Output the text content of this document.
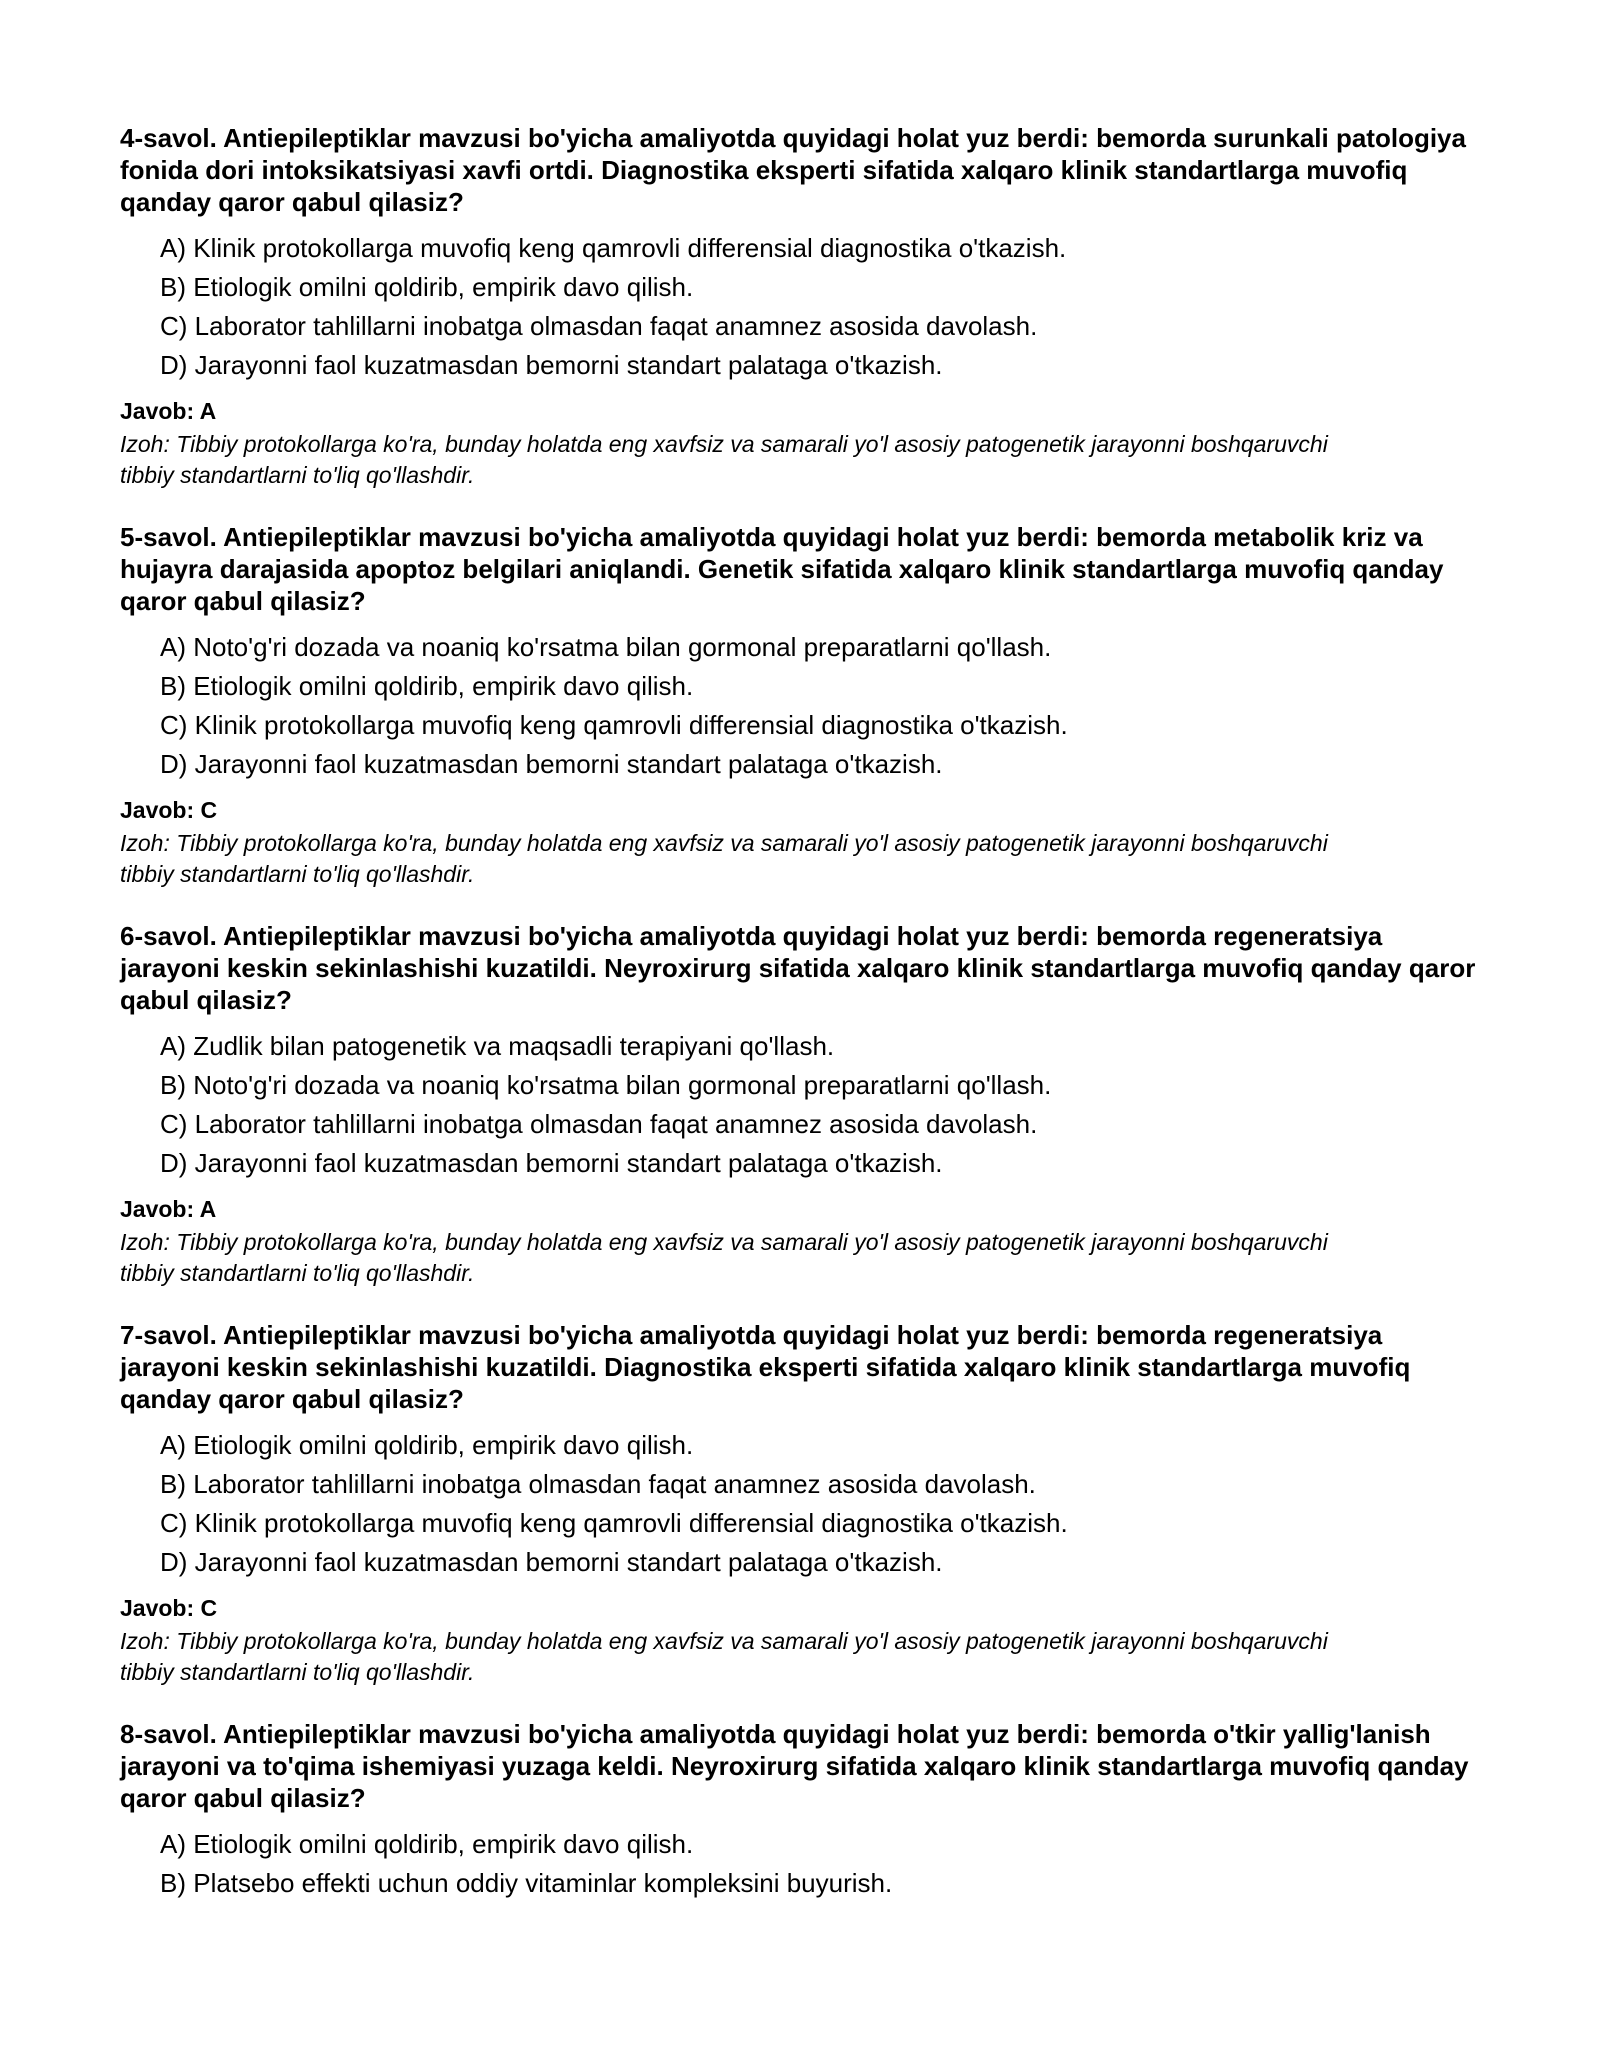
4-savol. Antiepileptiklar mavzusi bo'yicha amaliyotda quyidagi holat yuz berdi: bemorda surunkali patologiya fonida dori intoksikatsiyasi xavfi ortdi. Diagnostika eksperti sifatida xalqaro klinik standartlarga muvofiq qanday qaror qabul qilasiz?

A) Klinik protokollarga muvofiq keng qamrovli differensial diagnostika o'tkazish.
B) Etiologik omilni qoldirib, empirik davo qilish.
C) Laborator tahlillarni inobatga olmasdan faqat anamnez asosida davolash.
D) Jarayonni faol kuzatmasdan bemorni standart palataga o'tkazish.

Javob: A

Izoh: Tibbiy protokollarga ko'ra, bunday holatda eng xavfsiz va samarali yo'l asosiy patogenetik jarayonni boshqaruvchi tibbiy standartlarni to'liq qo'llashdir.

5-savol. Antiepileptiklar mavzusi bo'yicha amaliyotda quyidagi holat yuz berdi: bemorda metabolik kriz va hujayra darajasida apoptoz belgilari aniqlandi. Genetik sifatida xalqaro klinik standartlarga muvofiq qanday qaror qabul qilasiz?

A) Noto'g'ri dozada va noaniq ko'rsatma bilan gormonal preparatlarni qo'llash.
B) Etiologik omilni qoldirib, empirik davo qilish.
C) Klinik protokollarga muvofiq keng qamrovli differensial diagnostika o'tkazish.
D) Jarayonni faol kuzatmasdan bemorni standart palataga o'tkazish.

Javob: C

Izoh: Tibbiy protokollarga ko'ra, bunday holatda eng xavfsiz va samarali yo'l asosiy patogenetik jarayonni boshqaruvchi tibbiy standartlarni to'liq qo'llashdir.

6-savol. Antiepileptiklar mavzusi bo'yicha amaliyotda quyidagi holat yuz berdi: bemorda regeneratsiya jarayoni keskin sekinlashishi kuzatildi. Neyroxirurg sifatida xalqaro klinik standartlarga muvofiq qanday qaror qabul qilasiz?

A) Zudlik bilan patogenetik va maqsadli terapiyani qo'llash.
B) Noto'g'ri dozada va noaniq ko'rsatma bilan gormonal preparatlarni qo'llash.
C) Laborator tahlillarni inobatga olmasdan faqat anamnez asosida davolash.
D) Jarayonni faol kuzatmasdan bemorni standart palataga o'tkazish.

Javob: A

Izoh: Tibbiy protokollarga ko'ra, bunday holatda eng xavfsiz va samarali yo'l asosiy patogenetik jarayonni boshqaruvchi tibbiy standartlarni to'liq qo'llashdir.

7-savol. Antiepileptiklar mavzusi bo'yicha amaliyotda quyidagi holat yuz berdi: bemorda regeneratsiya jarayoni keskin sekinlashishi kuzatildi. Diagnostika eksperti sifatida xalqaro klinik standartlarga muvofiq qanday qaror qabul qilasiz?

A) Etiologik omilni qoldirib, empirik davo qilish.
B) Laborator tahlillarni inobatga olmasdan faqat anamnez asosida davolash.
C) Klinik protokollarga muvofiq keng qamrovli differensial diagnostika o'tkazish.
D) Jarayonni faol kuzatmasdan bemorni standart palataga o'tkazish.

Javob: C

Izoh: Tibbiy protokollarga ko'ra, bunday holatda eng xavfsiz va samarali yo'l asosiy patogenetik jarayonni boshqaruvchi tibbiy standartlarni to'liq qo'llashdir.

8-savol. Antiepileptiklar mavzusi bo'yicha amaliyotda quyidagi holat yuz berdi: bemorda o'tkir yallig'lanish jarayoni va to'qima ishemiyasi yuzaga keldi. Neyroxirurg sifatida xalqaro klinik standartlarga muvofiq qanday qaror qabul qilasiz?

A) Etiologik omilni qoldirib, empirik davo qilish.
B) Platsebo effekti uchun oddiy vitaminlar kompleksini buyurish.
